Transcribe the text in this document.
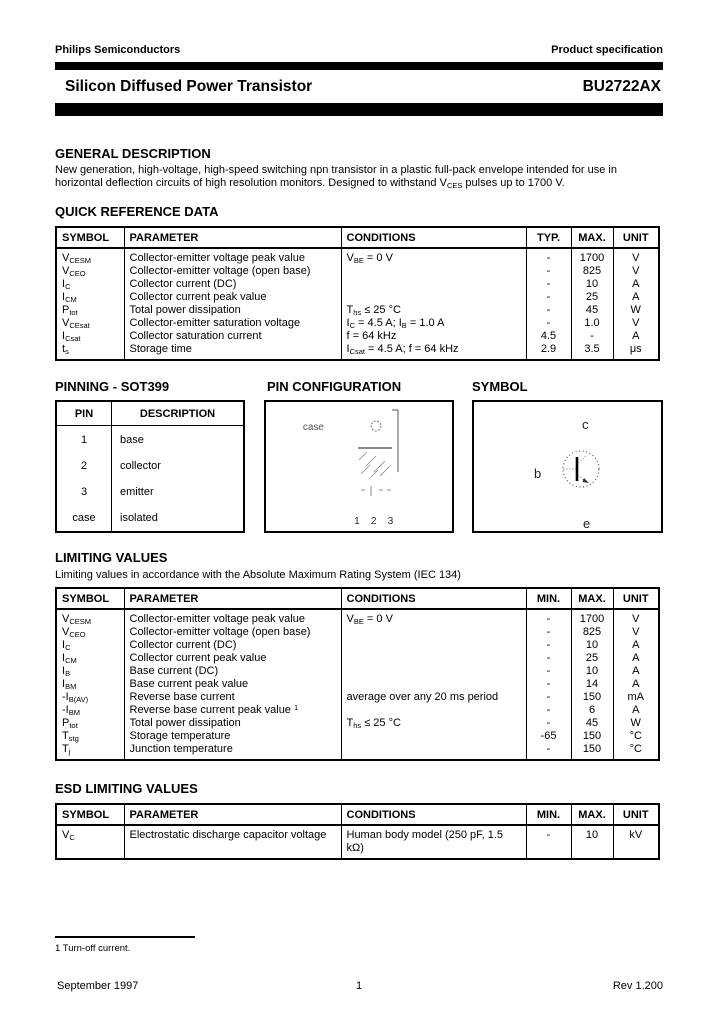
Philips Semiconductors	Product specification
Silicon Diffused Power Transistor	BU2722AX
GENERAL DESCRIPTION
New generation, high-voltage, high-speed switching npn transistor in a plastic full-pack envelope intended for use in horizontal deflection circuits of high resolution monitors. Designed to withstand $V_{CES}$ pulses up to 1700 V.
QUICK REFERENCE DATA
SYMBOL	PARAMETER	CONDITIONS	TYP.	MAX.	UNIT
$V_{CESM}$	Collector-emitter voltage peak value	$V_{BE} = 0$ V	-	1700	V
$V_{CEO}$	Collector-emitter voltage (open base)		-	825	V
$I_C$	Collector current (DC)		-	10	A
$I_{CM}$	Collector current peak value		-	25	A
$P_{tot}$	Total power dissipation	$T_{hs} \le 25$ °C	-	45	W
$V_{CEsat}$	Collector-emitter saturation voltage	$I_C = 4.5$ A; $I_B = 1.0$ A	-	1.0	V
$I_{Csat}$	Collector saturation current	f = 64 kHz	4.5	-	A
$t_s$	Storage time	$I_{Csat} = 4.5$ A; f = 64 kHz	2.9	3.5	μs
PINNING - SOT399	PIN CONFIGURATION	SYMBOL
PIN	DESCRIPTION
1	base
2	collector
3	emitter
case	isolated
case
1 2 3
c
b
e
LIMITING VALUES
Limiting values in accordance with the Absolute Maximum Rating System (IEC 134)
SYMBOL	PARAMETER	CONDITIONS	MIN.	MAX.	UNIT
$V_{CESM}$	Collector-emitter voltage peak value	$V_{BE} = 0$ V	-	1700	V
$V_{CEO}$	Collector-emitter voltage (open base)		-	825	V
$I_C$	Collector current (DC)		-	10	A
$I_{CM}$	Collector current peak value		-	25	A
$I_B$	Base current (DC)		-	10	A
$I_{BM}$	Base current peak value		-	14	A
$-I_{B(AV)}$	Reverse base current	average over any 20 ms period	-	150	mA
$-I_{BM}$	Reverse base current peak value $^1$		-	6	A
$P_{tot}$	Total power dissipation	$T_{hs} \le 25$ °C	-	45	W
$T_{stg}$	Storage temperature		-65	150	°C
$T_j$	Junction temperature		-	150	°C
ESD LIMITING VALUES
SYMBOL	PARAMETER	CONDITIONS	MIN.	MAX.	UNIT
$V_C$	Electrostatic discharge capacitor voltage	Human body model (250 pF, 1.5 kΩ)	-	10	kV
1 Turn-off current.
September 1997	1	Rev 1.200
